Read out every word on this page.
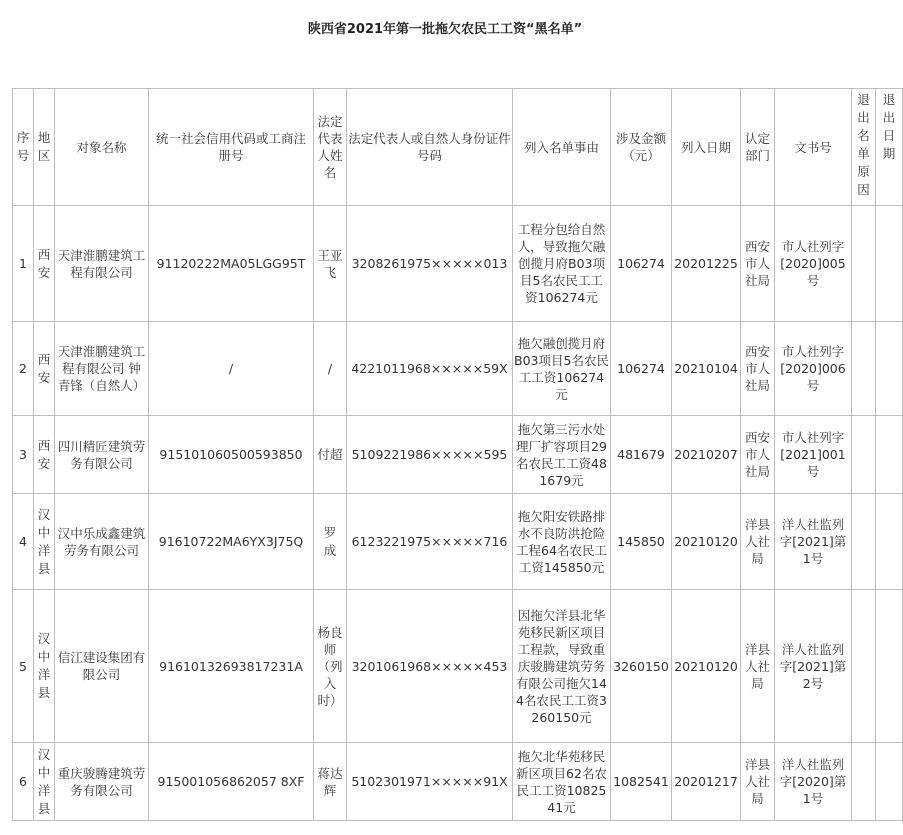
陕西省2021年第一批拖欠农民工工资“黑名单”
序号	地区	对象名称	统一社会信用代码或工商注册号	法定代表人姓名	法定代表人或自然人身份证件号码	列入名单事由	涉及金额（元）	列入日期	认定部门	文书号	退出名单原因	退出日期
1	西安	天津淮鹏建筑工程有限公司	91120222MA05LGG95T	王亚飞	3208261975×××××013	工程分包给自然人，导致拖欠融创揽月府B03项目5名农民工工资106274元	106274	20201225	西安市人社局	市人社列字[2020]005号		
2	西安	天津淮鹏建筑工程有限公司 钟青锋（自然人）	/	/	4221011968×××××59X	拖欠融创揽月府B03项目5名农民工工资106274元	106274	20210104	西安市人社局	市人社列字[2020]006号		
3	西安	四川精匠建筑劳务有限公司	915101060500593850	付超	5109221986×××××595	拖欠第三污水处理厂扩容项目29名农民工工资481679元	481679	20210207	西安市人社局	市人社列字[2021]001号		
4	汉中洋县	汉中乐成鑫建筑劳务有限公司	91610722MA6YX3J75Q	罗成	6123221975×××××716	拖欠阳安铁路排水不良防洪抢险工程64名农民工工资145850元	145850	20210120	洋县人社局	洋人社监列字[2021]第1号		
5	汉中洋县	信江建设集团有限公司	91610132693817231A	杨良师（列入时）	3201061968×××××453	因拖欠洋县北华苑移民新区项目工程款，导致重庆骏腾建筑劳务有限公司拖欠144名农民工工资3260150元	3260150	20210120	洋县人社局	洋人社监列字[2021]第2号		
6	汉中洋县	重庆骏腾建筑劳务有限公司	915001056862057 8XF	蒋达辉	5102301971×××××91X	拖欠北华苑移民新区项目62名农民工工资1082541元	1082541	20201217	洋县人社局	洋人社监列字[2020]第1号		
